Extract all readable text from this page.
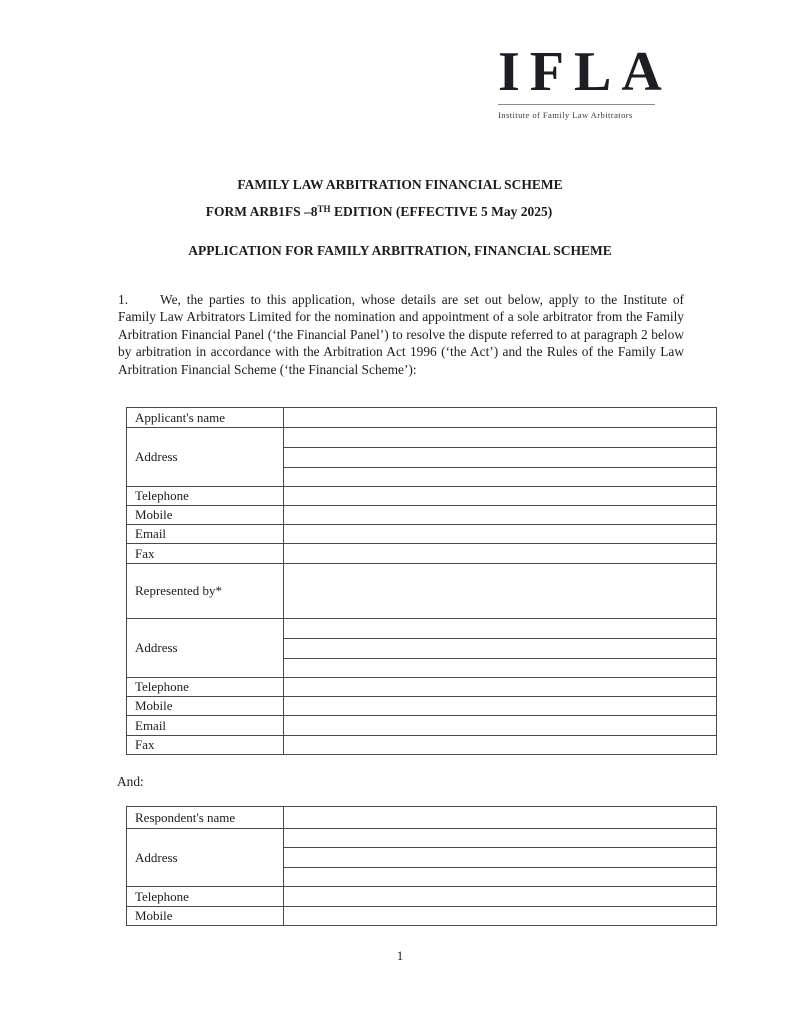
IFLA
Institute of Family Law Arbitrators
FAMILY LAW ARBITRATION FINANCIAL SCHEME
FORM ARB1FS –8TH EDITION (EFFECTIVE 5 May 2025)
APPLICATION FOR FAMILY ARBITRATION, FINANCIAL SCHEME
1. We, the parties to this application, whose details are set out below, apply to the Institute of Family Law Arbitrators Limited for the nomination and appointment of a sole arbitrator from the Family Arbitration Financial Panel (‘the Financial Panel’) to resolve the dispute referred to at paragraph 2 below by arbitration in accordance with the Arbitration Act 1996 (‘the Act’) and the Rules of the Family Law Arbitration Financial Scheme (‘the Financial Scheme’):
Applicant's name	
Address	

Telephone	
Mobile	
Email	
Fax	
Represented by*	
Address	

Telephone	
Mobile	
Email	
Fax	
And:
Respondent's name	
Address	

Telephone	
Mobile	
1
